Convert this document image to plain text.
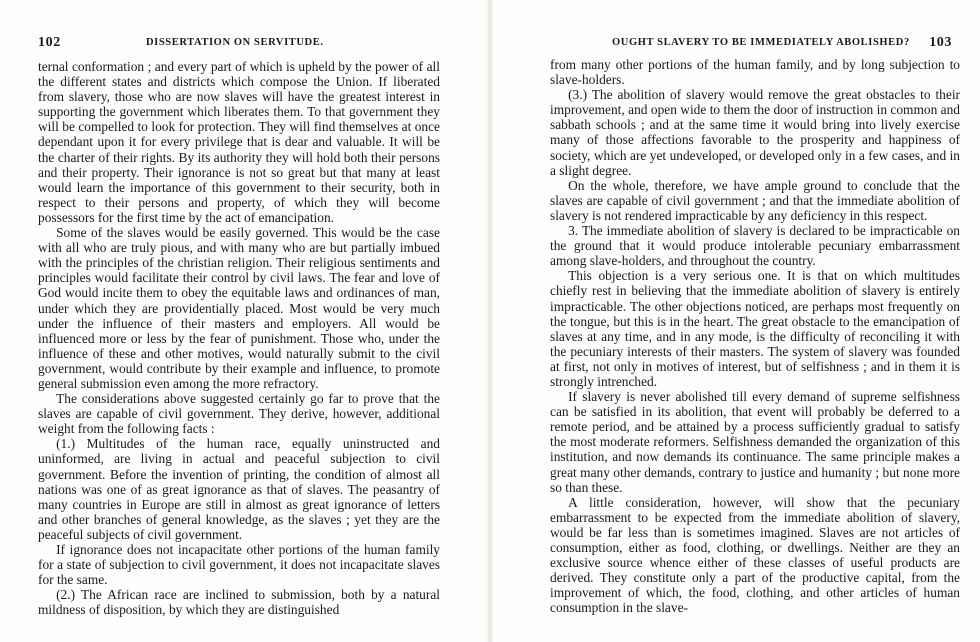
102	DISSERTATION ON SERVITUDE.

ternal conformation ; and every part of which is upheld by the power of all the different states and districts which compose the Union. If liberated from slavery, those who are now slaves will have the greatest interest in supporting the government which liberates them. To that government they will be compelled to look for protection. They will find themselves at once dependant upon it for every privilege that is dear and valuable. It will be the charter of their rights. By its authority they will hold both their persons and their property. Their ignorance is not so great but that many at least would learn the importance of this government to their security, both in respect to their persons and property, of which they will become possessors for the first time by the act of emancipation.

Some of the slaves would be easily governed. This would be the case with all who are truly pious, and with many who are but partially imbued with the principles of the christian religion. Their religious sentiments and principles would facilitate their control by civil laws. The fear and love of God would incite them to obey the equitable laws and ordinances of man, under which they are providentially placed. Most would be very much under the influence of their masters and employers. All would be influenced more or less by the fear of punishment. Those who, under the influence of these and other motives, would naturally submit to the civil government, would contribute by their example and influence, to promote general submission even among the more refractory.

The considerations above suggested certainly go far to prove that the slaves are capable of civil government. They derive, however, additional weight from the following facts :

(1.) Multitudes of the human race, equally uninstructed and uninformed, are living in actual and peaceful subjection to civil government. Before the invention of printing, the condition of almost all nations was one of as great ignorance as that of slaves. The peasantry of many countries in Europe are still in almost as great ignorance of letters and other branches of general knowledge, as the slaves ; yet they are the peaceful subjects of civil government.

If ignorance does not incapacitate other portions of the human family for a state of subjection to civil government, it does not incapacitate slaves for the same.

(2.) The African race are inclined to submission, both by a natural mildness of disposition, by which they are distinguished

OUGHT SLAVERY TO BE IMMEDIATELY ABOLISHED? 103

from many other portions of the human family, and by long subjection to slave-holders.

(3.) The abolition of slavery would remove the great obstacles to their improvement, and open wide to them the door of instruction in common and sabbath schools ; and at the same time it would bring into lively exercise many of those affections favorable to the prosperity and happiness of society, which are yet undeveloped, or developed only in a few cases, and in a slight degree.

On the whole, therefore, we have ample ground to conclude that the slaves are capable of civil government ; and that the immediate abolition of slavery is not rendered impracticable by any deficiency in this respect.

3. The immediate abolition of slavery is declared to be impracticable on the ground that it would produce intolerable pecuniary embarrassment among slave-holders, and throughout the country.

This objection is a very serious one. It is that on which multitudes chiefly rest in believing that the immediate abolition of slavery is entirely impracticable. The other objections noticed, are perhaps most frequently on the tongue, but this is in the heart. The great obstacle to the emancipation of slaves at any time, and in any mode, is the difficulty of reconciling it with the pecuniary interests of their masters. The system of slavery was founded at first, not only in motives of interest, but of selfishness ; and in them it is strongly intrenched.

If slavery is never abolished till every demand of supreme selfishness can be satisfied in its abolition, that event will probably be deferred to a remote period, and be attained by a process sufficiently gradual to satisfy the most moderate reformers. Selfishness demanded the organization of this institution, and now demands its continuance. The same principle makes a great many other demands, contrary to justice and humanity ; but none more so than these.

A little consideration, however, will show that the pecuniary embarrassment to be expected from the immediate abolition of slavery, would be far less than is sometimes imagined. Slaves are not articles of consumption, either as food, clothing, or dwellings. Neither are they an exclusive source whence either of these classes of useful products are derived. They constitute only a part of the productive capital, from the improvement of which, the food, clothing, and other articles of human consumption in the slave-
